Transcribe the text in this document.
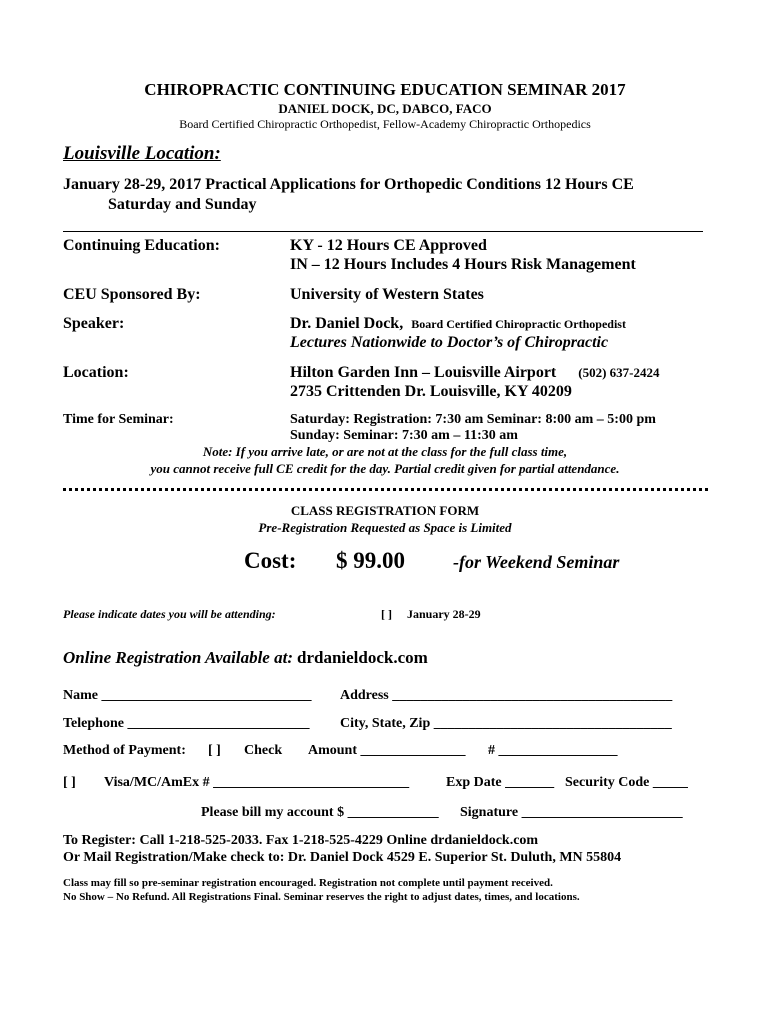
CHIROPRACTIC CONTINUING EDUCATION SEMINAR 2017
DANIEL DOCK, DC, DABCO, FACO
Board Certified Chiropractic Orthopedist, Fellow-Academy Chiropractic Orthopedics
Louisville Location:
January 28-29, 2017 Practical Applications for Orthopedic Conditions 12 Hours CE
Saturday and Sunday
Continuing Education:	KY - 12 Hours CE Approved
IN – 12 Hours Includes 4 Hours Risk Management
CEU Sponsored By:	University of Western States
Speaker:	Dr. Daniel Dock, Board Certified Chiropractic Orthopedist
Lectures Nationwide to Doctor’s of Chiropractic
Location:	Hilton Garden Inn – Louisville Airport (502) 637-2424
2735 Crittenden Dr. Louisville, KY 40209
Time for Seminar:	Saturday: Registration: 7:30 am Seminar: 8:00 am – 5:00 pm
Sunday: Seminar: 7:30 am – 11:30 am
Note: If you arrive late, or are not at the class for the full class time,
you cannot receive full CE credit for the day. Partial credit given for partial attendance.
CLASS REGISTRATION FORM
Pre-Registration Requested as Space is Limited
Cost: $ 99.00	-for Weekend Seminar
Please indicate dates you will be attending:	[ ] January 28-29
Online Registration Available at: drdanieldock.com
Name ______________________________ Address ________________________________________
Telephone __________________________ City, State, Zip __________________________________
Method of Payment: [ ] Check Amount _______________ # _________________
[ ] Visa/MC/AmEx # ____________________________	Exp Date _______ Security Code _____
Please bill my account $ _____________ Signature _______________________
To Register: Call 1-218-525-2033. Fax 1-218-525-4229 Online drdanieldock.com
Or Mail Registration/Make check to: Dr. Daniel Dock 4529 E. Superior St. Duluth, MN 55804
Class may fill so pre-seminar registration encouraged. Registration not complete until payment received.
No Show – No Refund. All Registrations Final. Seminar reserves the right to adjust dates, times, and locations.
